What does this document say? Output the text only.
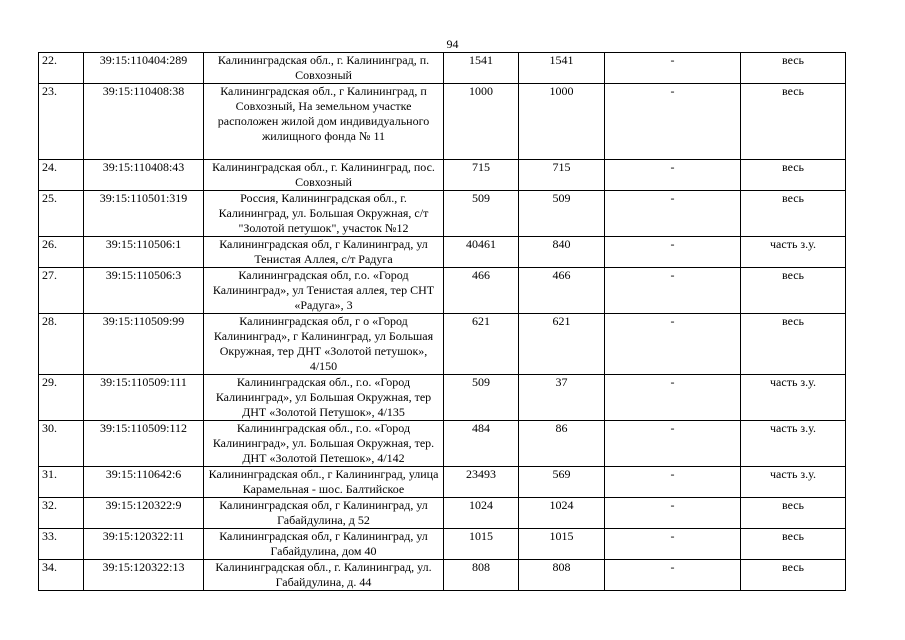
94
22.	39:15:110404:289	Калининградская обл., г. Калининград, п. Совхозный	1541	1541	-	весь
23.	39:15:110408:38	Калининградская обл., г Калининград, п Совхозный, На земельном участке расположен жилой дом индивидуального жилищного фонда № 11	1000	1000	-	весь
24.	39:15:110408:43	Калининградская обл., г. Калининград, пос. Совхозный	715	715	-	весь
25.	39:15:110501:319	Россия, Калининградская обл., г. Калининград, ул. Большая Окружная, с/т "Золотой петушок", участок №12	509	509	-	весь
26.	39:15:110506:1	Калининградская обл, г Калининград, ул Тенистая Аллея, с/т Радуга	40461	840	-	часть з.у.
27.	39:15:110506:3	Калининградская обл, г.о. «Город Калининград», ул Тенистая аллея, тер СНТ «Радуга», 3	466	466	-	весь
28.	39:15:110509:99	Калининградская обл, г о «Город Калининград», г Калининград, ул Большая Окружная, тер ДНТ «Золотой петушок», 4/150	621	621	-	весь
29.	39:15:110509:111	Калининградская обл., г.о. «Город Калининград», ул Большая Окружная, тер ДНТ «Золотой Петушок», 4/135	509	37	-	часть з.у.
30.	39:15:110509:112	Калининградская обл., г.о. «Город Калининград», ул. Большая Окружная, тер. ДНТ «Золотой Петешок», 4/142	484	86	-	часть з.у.
31.	39:15:110642:6	Калининградская обл., г Калининград, улица Карамельная - шос. Балтийское	23493	569	-	часть з.у.
32.	39:15:120322:9	Калининградская обл, г Калининград, ул Габайдулина, д 52	1024	1024	-	весь
33.	39:15:120322:11	Калининградская обл, г Калининград, ул Габайдулина, дом 40	1015	1015	-	весь
34.	39:15:120322:13	Калининградская обл., г. Калининград, ул. Габайдулина, д. 44	808	808	-	весь
